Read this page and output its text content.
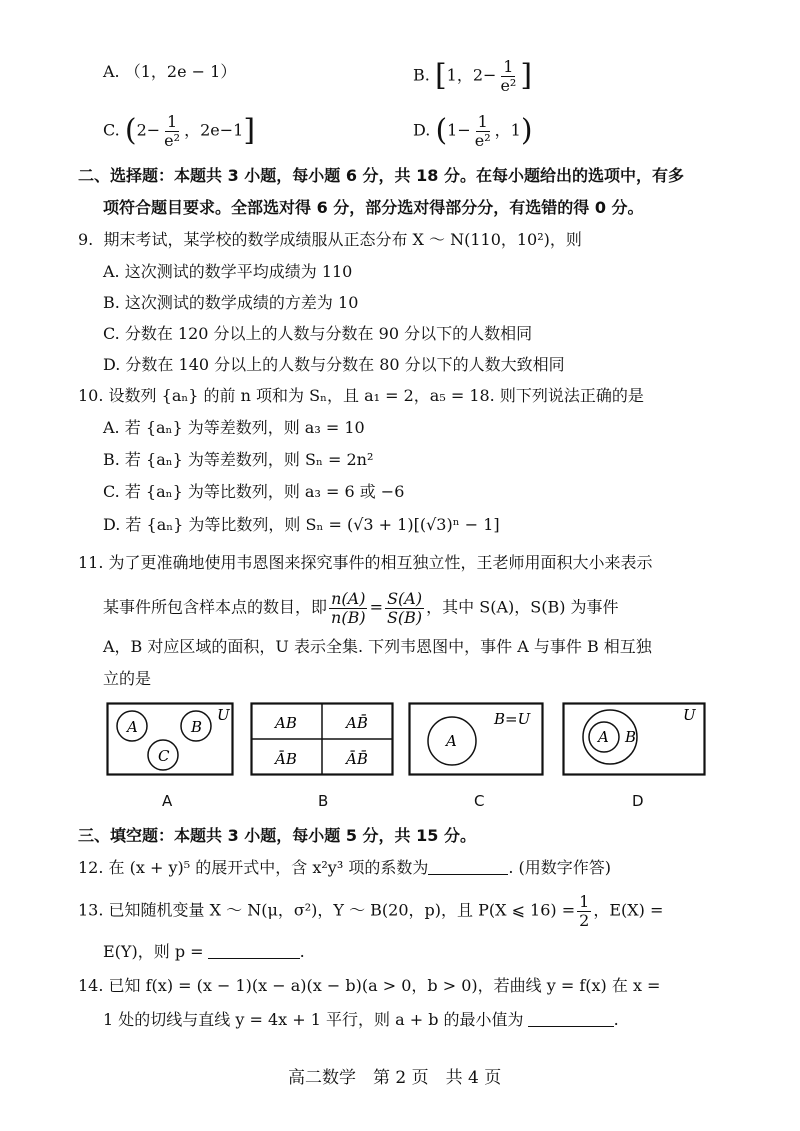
A. （1，2e − 1）	B. [1，$2- \frac{1}{\text{e²}}$ ]
C. ($2- \frac{1}{\text{e²}}$ ，2e−1]	D. ($1- \frac{1}{\text{e²}}$ ，1)
二、选择题：本题共 3 小题，每小题 6 分，共 18 分。在每小题给出的选项中，有多
项符合题目要求。全部选对得 6 分，部分选对得部分分，有选错的得 0 分。
9. 期末考试，某学校的数学成绩服从正态分布 X ～ N(110，10²)，则
A. 这次测试的数学平均成绩为 110
B. 这次测试的数学成绩的方差为 10
C. 分数在 120 分以上的人数与分数在 90 分以下的人数相同
D. 分数在 140 分以上的人数与分数在 80 分以下的人数大致相同
10. 设数列 {aₙ} 的前 n 项和为 Sₙ，且 a₁ = 2，a₅ = 18. 则下列说法正确的是
A. 若 {aₙ} 为等差数列，则 a₃ = 10
B. 若 {aₙ} 为等差数列，则 Sₙ = 2n²
C. 若 {aₙ} 为等比数列，则 a₃ = 6 或 −6
D. 若 {aₙ} 为等比数列，则 Sₙ = (√3 + 1)[(√3)ⁿ − 1]
11. 为了更准确地使用韦恩图来探究事件的相互独立性，王老师用面积大小来表示
某事件所包含样本点的数目，即 $\frac{n(A)}{n(B)} = \frac{S(A)}{S(B)}$ ，其中 S(A)，S(B) 为事件
A，B 对应区域的面积，U 表示全集. 下列韦恩图中，事件 A 与事件 B 相互独
立的是
A	B
C
U
A
AB	AB̄
ĀB	ĀB̄
B
A
B=U
C
A B
U
D
三、填空题：本题共 3 小题，每小题 5 分，共 15 分。
12. 在 (x + y)⁵ 的展开式中，含 x²y³ 项的系数为	. (用数字作答)
13. 已知随机变量 X ～ N(μ，σ²)，Y ～ B(20，p)，且 P(X ⩽ $16) = \frac{1}{2}$ ，E(X) =
E(Y)，则 p =	.
14. 已知 f(x) = (x − 1)(x − a)(x − b)(a > 0，b > 0)，若曲线 y = f(x) 在 x =
1 处的切线与直线 y = 4x + 1 平行，则 a + b 的最小值为	.
高二数学　第 2 页　共 4 页
